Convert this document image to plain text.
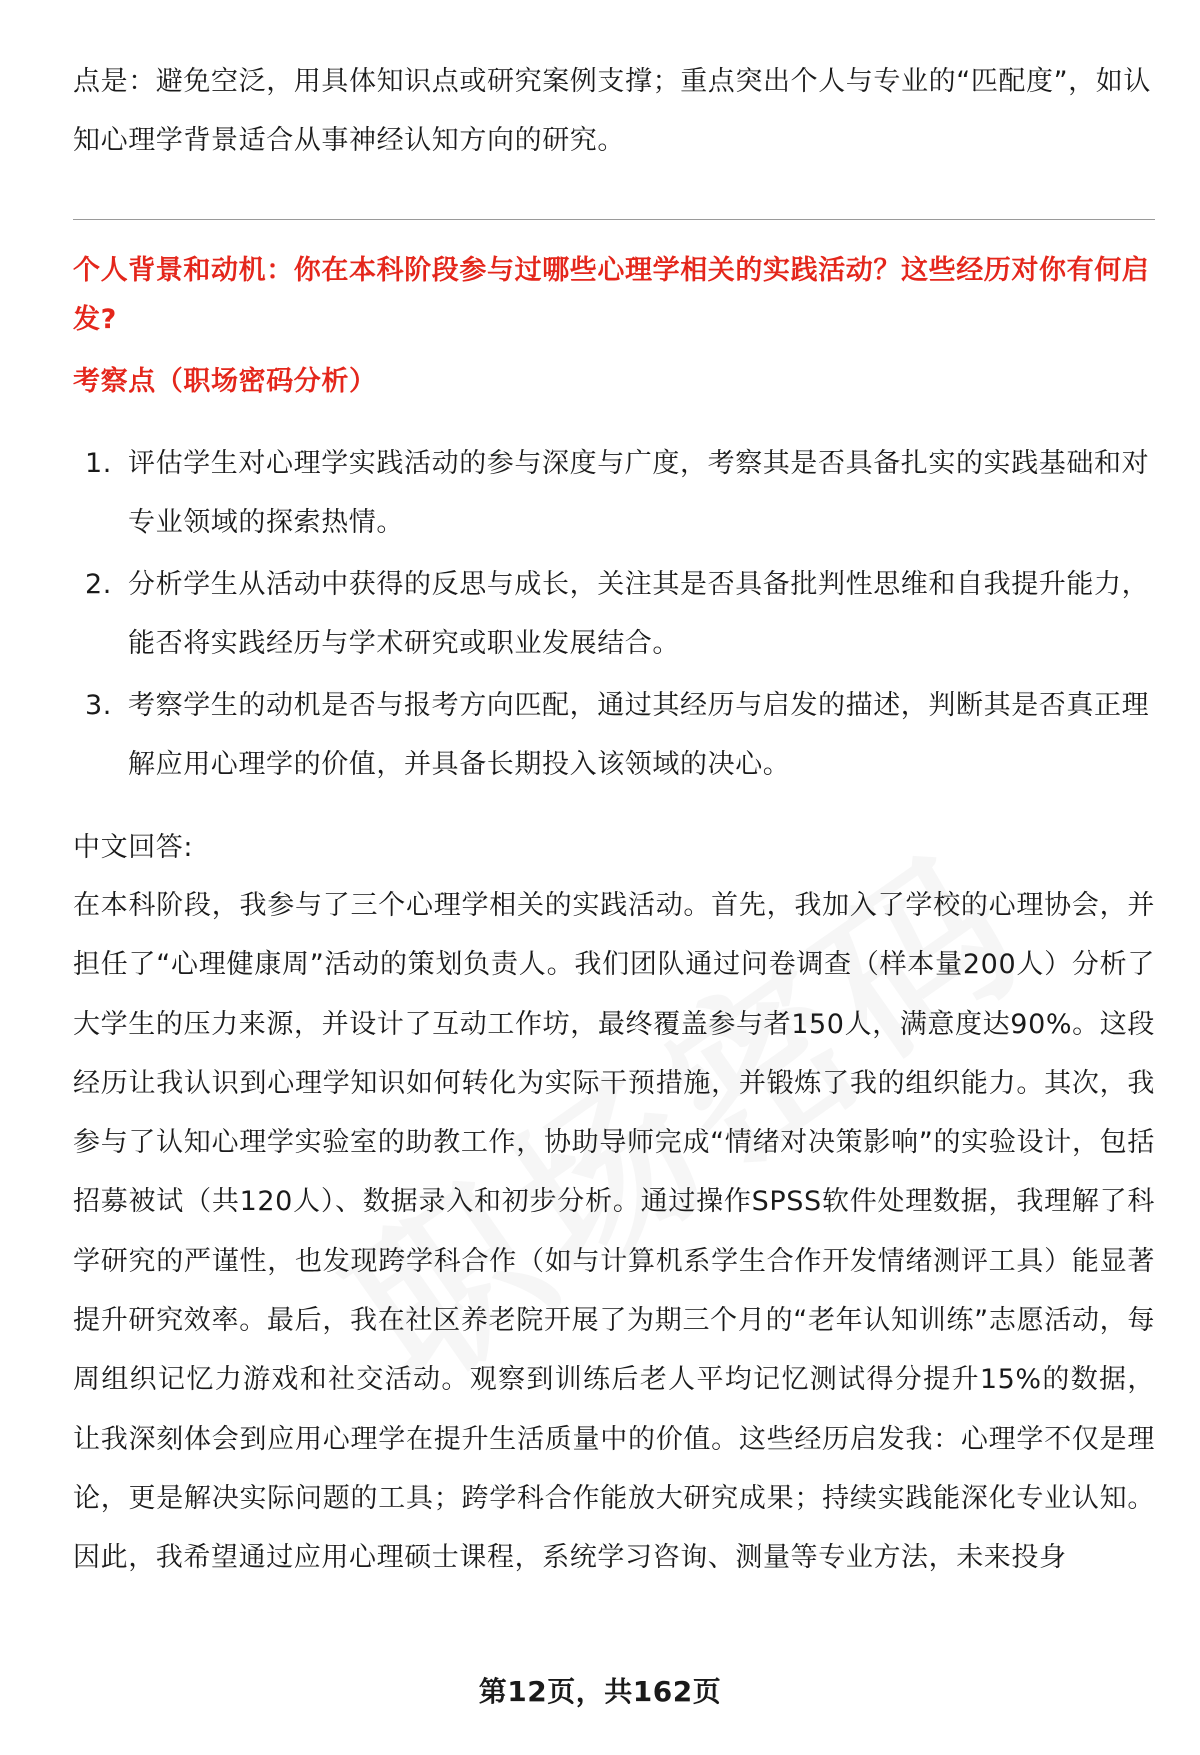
点是：避免空泛，用具体知识点或研究案例支撑；重点突出个人与专业的“匹配度”，如认知心理学背景适合从事神经认知方向的研究。

个人背景和动机：你在本科阶段参与过哪些心理学相关的实践活动？这些经历对你有何启发?

考察点（职场密码分析）

1. 评估学生对心理学实践活动的参与深度与广度，考察其是否具备扎实的实践基础和对专业领域的探索热情。
2. 分析学生从活动中获得的反思与成长，关注其是否具备批判性思维和自我提升能力，能否将实践经历与学术研究或职业发展结合。
3. 考察学生的动机是否与报考方向匹配，通过其经历与启发的描述，判断其是否真正理解应用心理学的价值，并具备长期投入该领域的决心。

中文回答:

在本科阶段，我参与了三个心理学相关的实践活动。首先，我加入了学校的心理协会，并担任了“心理健康周”活动的策划负责人。我们团队通过问卷调查（样本量200人）分析了大学生的压力来源，并设计了互动工作坊，最终覆盖参与者150人，满意度达90%。这段经历让我认识到心理学知识如何转化为实际干预措施，并锻炼了我的组织能力。其次，我参与了认知心理学实验室的助教工作，协助导师完成“情绪对决策影响”的实验设计，包括招募被试（共120人）、数据录入和初步分析。通过操作SPSS软件处理数据，我理解了科学研究的严谨性，也发现跨学科合作（如与计算机系学生合作开发情绪测评工具）能显著提升研究效率。最后，我在社区养老院开展了为期三个月的“老年认知训练”志愿活动，每周组织记忆力游戏和社交活动。观察到训练后老人平均记忆测试得分提升15%的数据，让我深刻体会到应用心理学在提升生活质量中的价值。这些经历启发我：心理学不仅是理论，更是解决实际问题的工具；跨学科合作能放大研究成果；持续实践能深化专业认知。因此，我希望通过应用心理硕士课程，系统学习咨询、测量等专业方法，未来投身

第12页，共162页
